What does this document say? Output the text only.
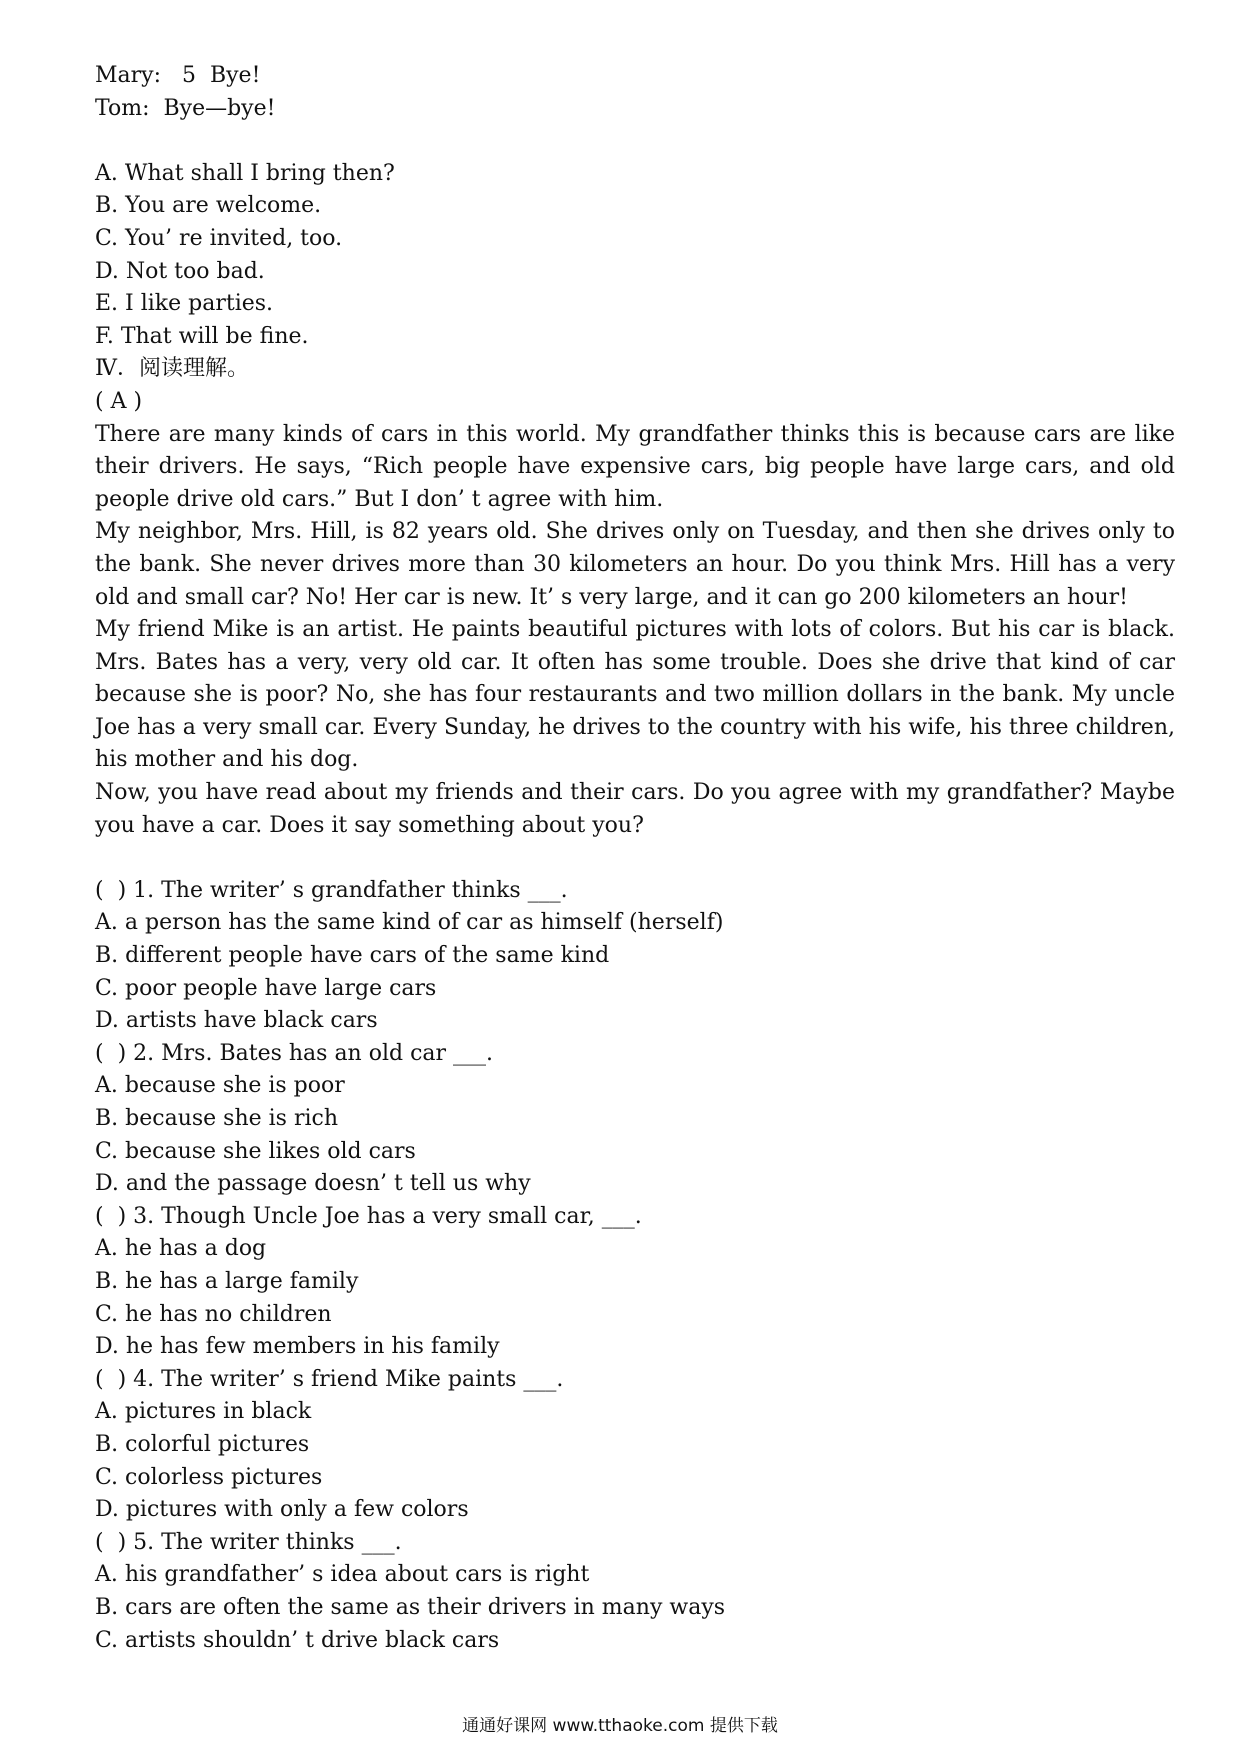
Mary:   5  Bye!

Tom:  Bye—bye!

A. What shall I bring then?

B. You are welcome.

C. You’ re invited, too.

D. Not too bad.

E. I like parties.

F. That will be fine.

Ⅳ．阅读理解。

( A )

There are many kinds of cars in this world. My grandfather thinks this is because cars are like their drivers. He says, “Rich people have expensive cars, big people have large cars, and old people drive old cars.” But I don’ t agree with him.

My neighbor, Mrs. Hill, is 82 years old. She drives only on Tuesday, and then she drives only to the bank. She never drives more than 30 kilometers an hour. Do you think Mrs. Hill has a very old and small car? No! Her car is new. It’ s very large, and it can go 200 kilometers an hour!

My friend Mike is an artist. He paints beautiful pictures with lots of colors. But his car is black. Mrs. Bates has a very, very old car. It often has some trouble. Does she drive that kind of car because she is poor? No, she has four restaurants and two million dollars in the bank. My uncle Joe has a very small car. Every Sunday, he drives to the country with his wife, his three children, his mother and his dog.

Now, you have read about my friends and their cars. Do you agree with my grandfather? Maybe you have a car. Does it say something about you?

(  ) 1. The writer’ s grandfather thinks ___.

A. a person has the same kind of car as himself (herself)

B. different people have cars of the same kind

C. poor people have large cars

D. artists have black cars

(  ) 2. Mrs. Bates has an old car ___.

A. because she is poor

B. because she is rich

C. because she likes old cars

D. and the passage doesn’ t tell us why

(  ) 3. Though Uncle Joe has a very small car, ___.

A. he has a dog

B. he has a large family

C. he has no children

D. he has few members in his family

(  ) 4. The writer’ s friend Mike paints ___.

A. pictures in black

B. colorful pictures

C. colorless pictures

D. pictures with only a few colors

(  ) 5. The writer thinks ___.

A. his grandfather’ s idea about cars is right

B. cars are often the same as their drivers in many ways

C. artists shouldn’ t drive black cars

通通好课网 www.tthaoke.com 提供下载
